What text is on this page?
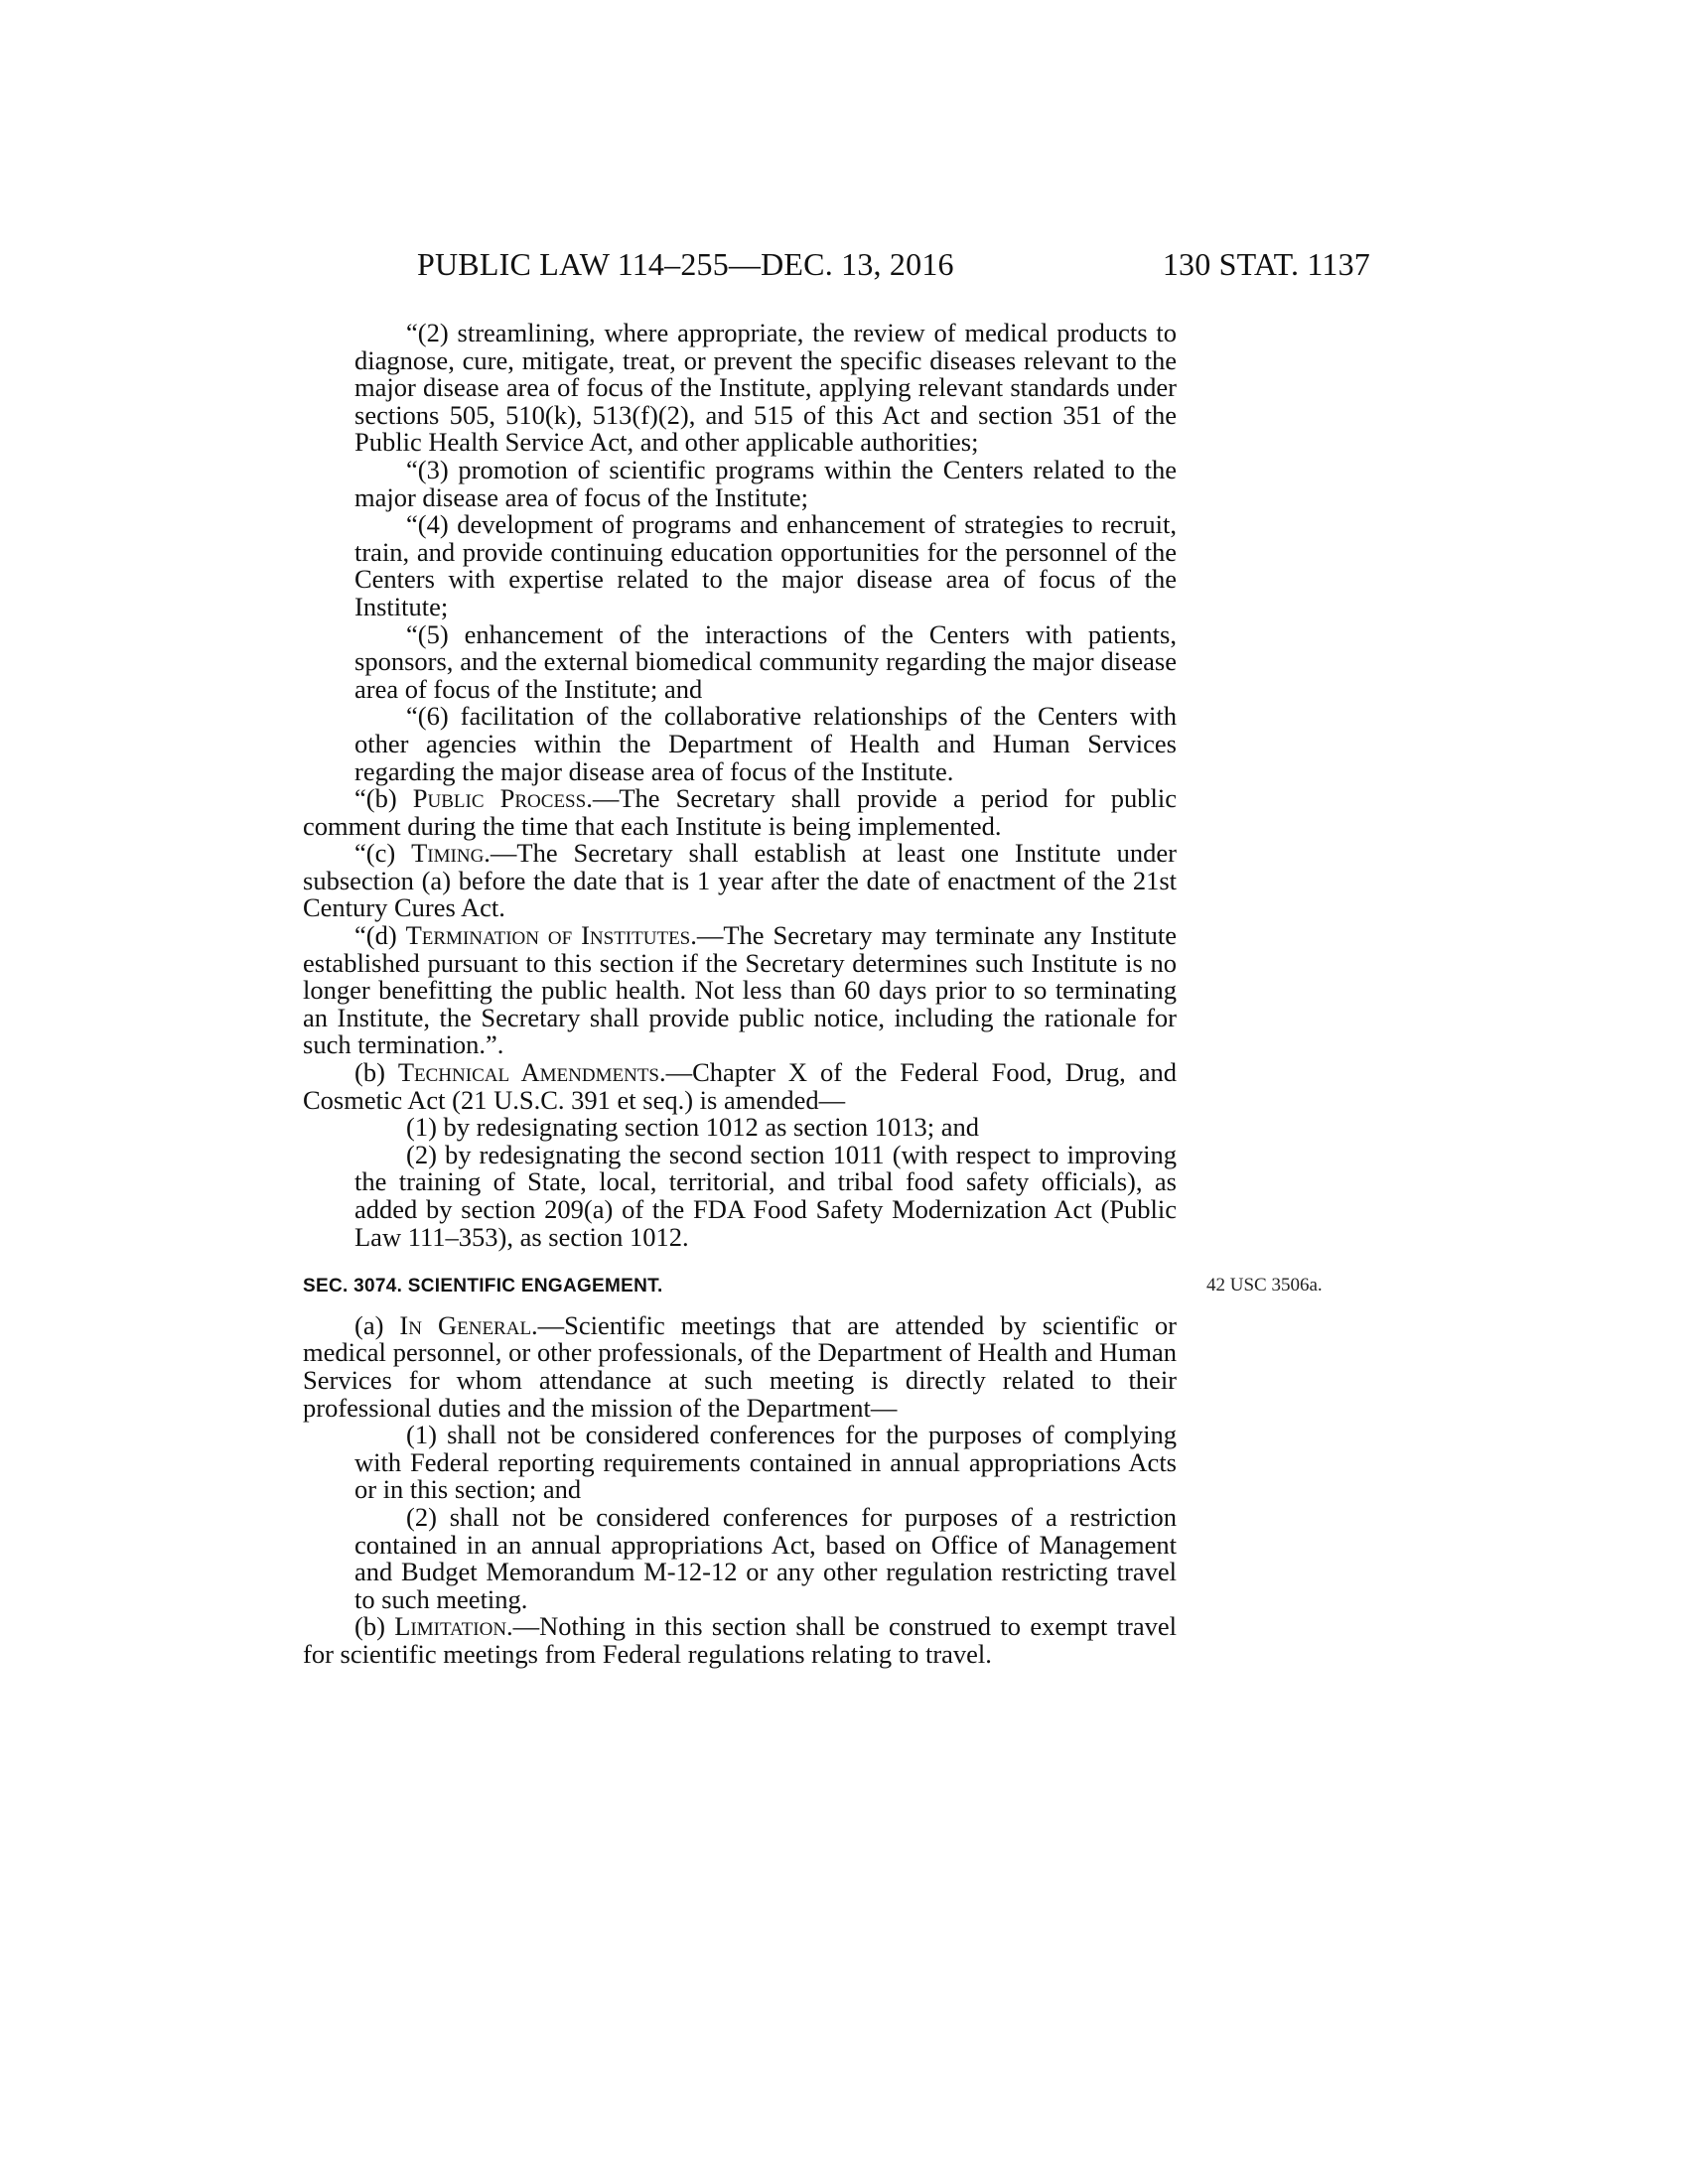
PUBLIC LAW 114–255—DEC. 13, 2016	130 STAT. 1137

“(2) streamlining, where appropriate, the review of medical products to diagnose, cure, mitigate, treat, or prevent the specific diseases relevant to the major disease area of focus of the Institute, applying relevant standards under sections 505, 510(k), 513(f)(2), and 515 of this Act and section 351 of the Public Health Service Act, and other applicable authorities;

“(3) promotion of scientific programs within the Centers related to the major disease area of focus of the Institute;

“(4) development of programs and enhancement of strategies to recruit, train, and provide continuing education opportunities for the personnel of the Centers with expertise related to the major disease area of focus of the Institute;

“(5) enhancement of the interactions of the Centers with patients, sponsors, and the external biomedical community regarding the major disease area of focus of the Institute; and

“(6) facilitation of the collaborative relationships of the Centers with other agencies within the Department of Health and Human Services regarding the major disease area of focus of the Institute.

“(b) Public Process.—The Secretary shall provide a period for public comment during the time that each Institute is being implemented.

“(c) Timing.—The Secretary shall establish at least one Institute under subsection (a) before the date that is 1 year after the date of enactment of the 21st Century Cures Act.

“(d) Termination of Institutes.—The Secretary may terminate any Institute established pursuant to this section if the Secretary determines such Institute is no longer benefitting the public health. Not less than 60 days prior to so terminating an Institute, the Secretary shall provide public notice, including the rationale for such termination.”.

(b) Technical Amendments.—Chapter X of the Federal Food, Drug, and Cosmetic Act (21 U.S.C. 391 et seq.) is amended—

(1) by redesignating section 1012 as section 1013; and

(2) by redesignating the second section 1011 (with respect to improving the training of State, local, territorial, and tribal food safety officials), as added by section 209(a) of the FDA Food Safety Modernization Act (Public Law 111–353), as section 1012.

SEC. 3074. SCIENTIFIC ENGAGEMENT.

(a) In General.—Scientific meetings that are attended by scientific or medical personnel, or other professionals, of the Department of Health and Human Services for whom attendance at such meeting is directly related to their professional duties and the mission of the Department—

(1) shall not be considered conferences for the purposes of complying with Federal reporting requirements contained in annual appropriations Acts or in this section; and

(2) shall not be considered conferences for purposes of a restriction contained in an annual appropriations Act, based on Office of Management and Budget Memorandum M-12-12 or any other regulation restricting travel to such meeting.

(b) Limitation.—Nothing in this section shall be construed to exempt travel for scientific meetings from Federal regulations relating to travel.

42 USC 3506a.
